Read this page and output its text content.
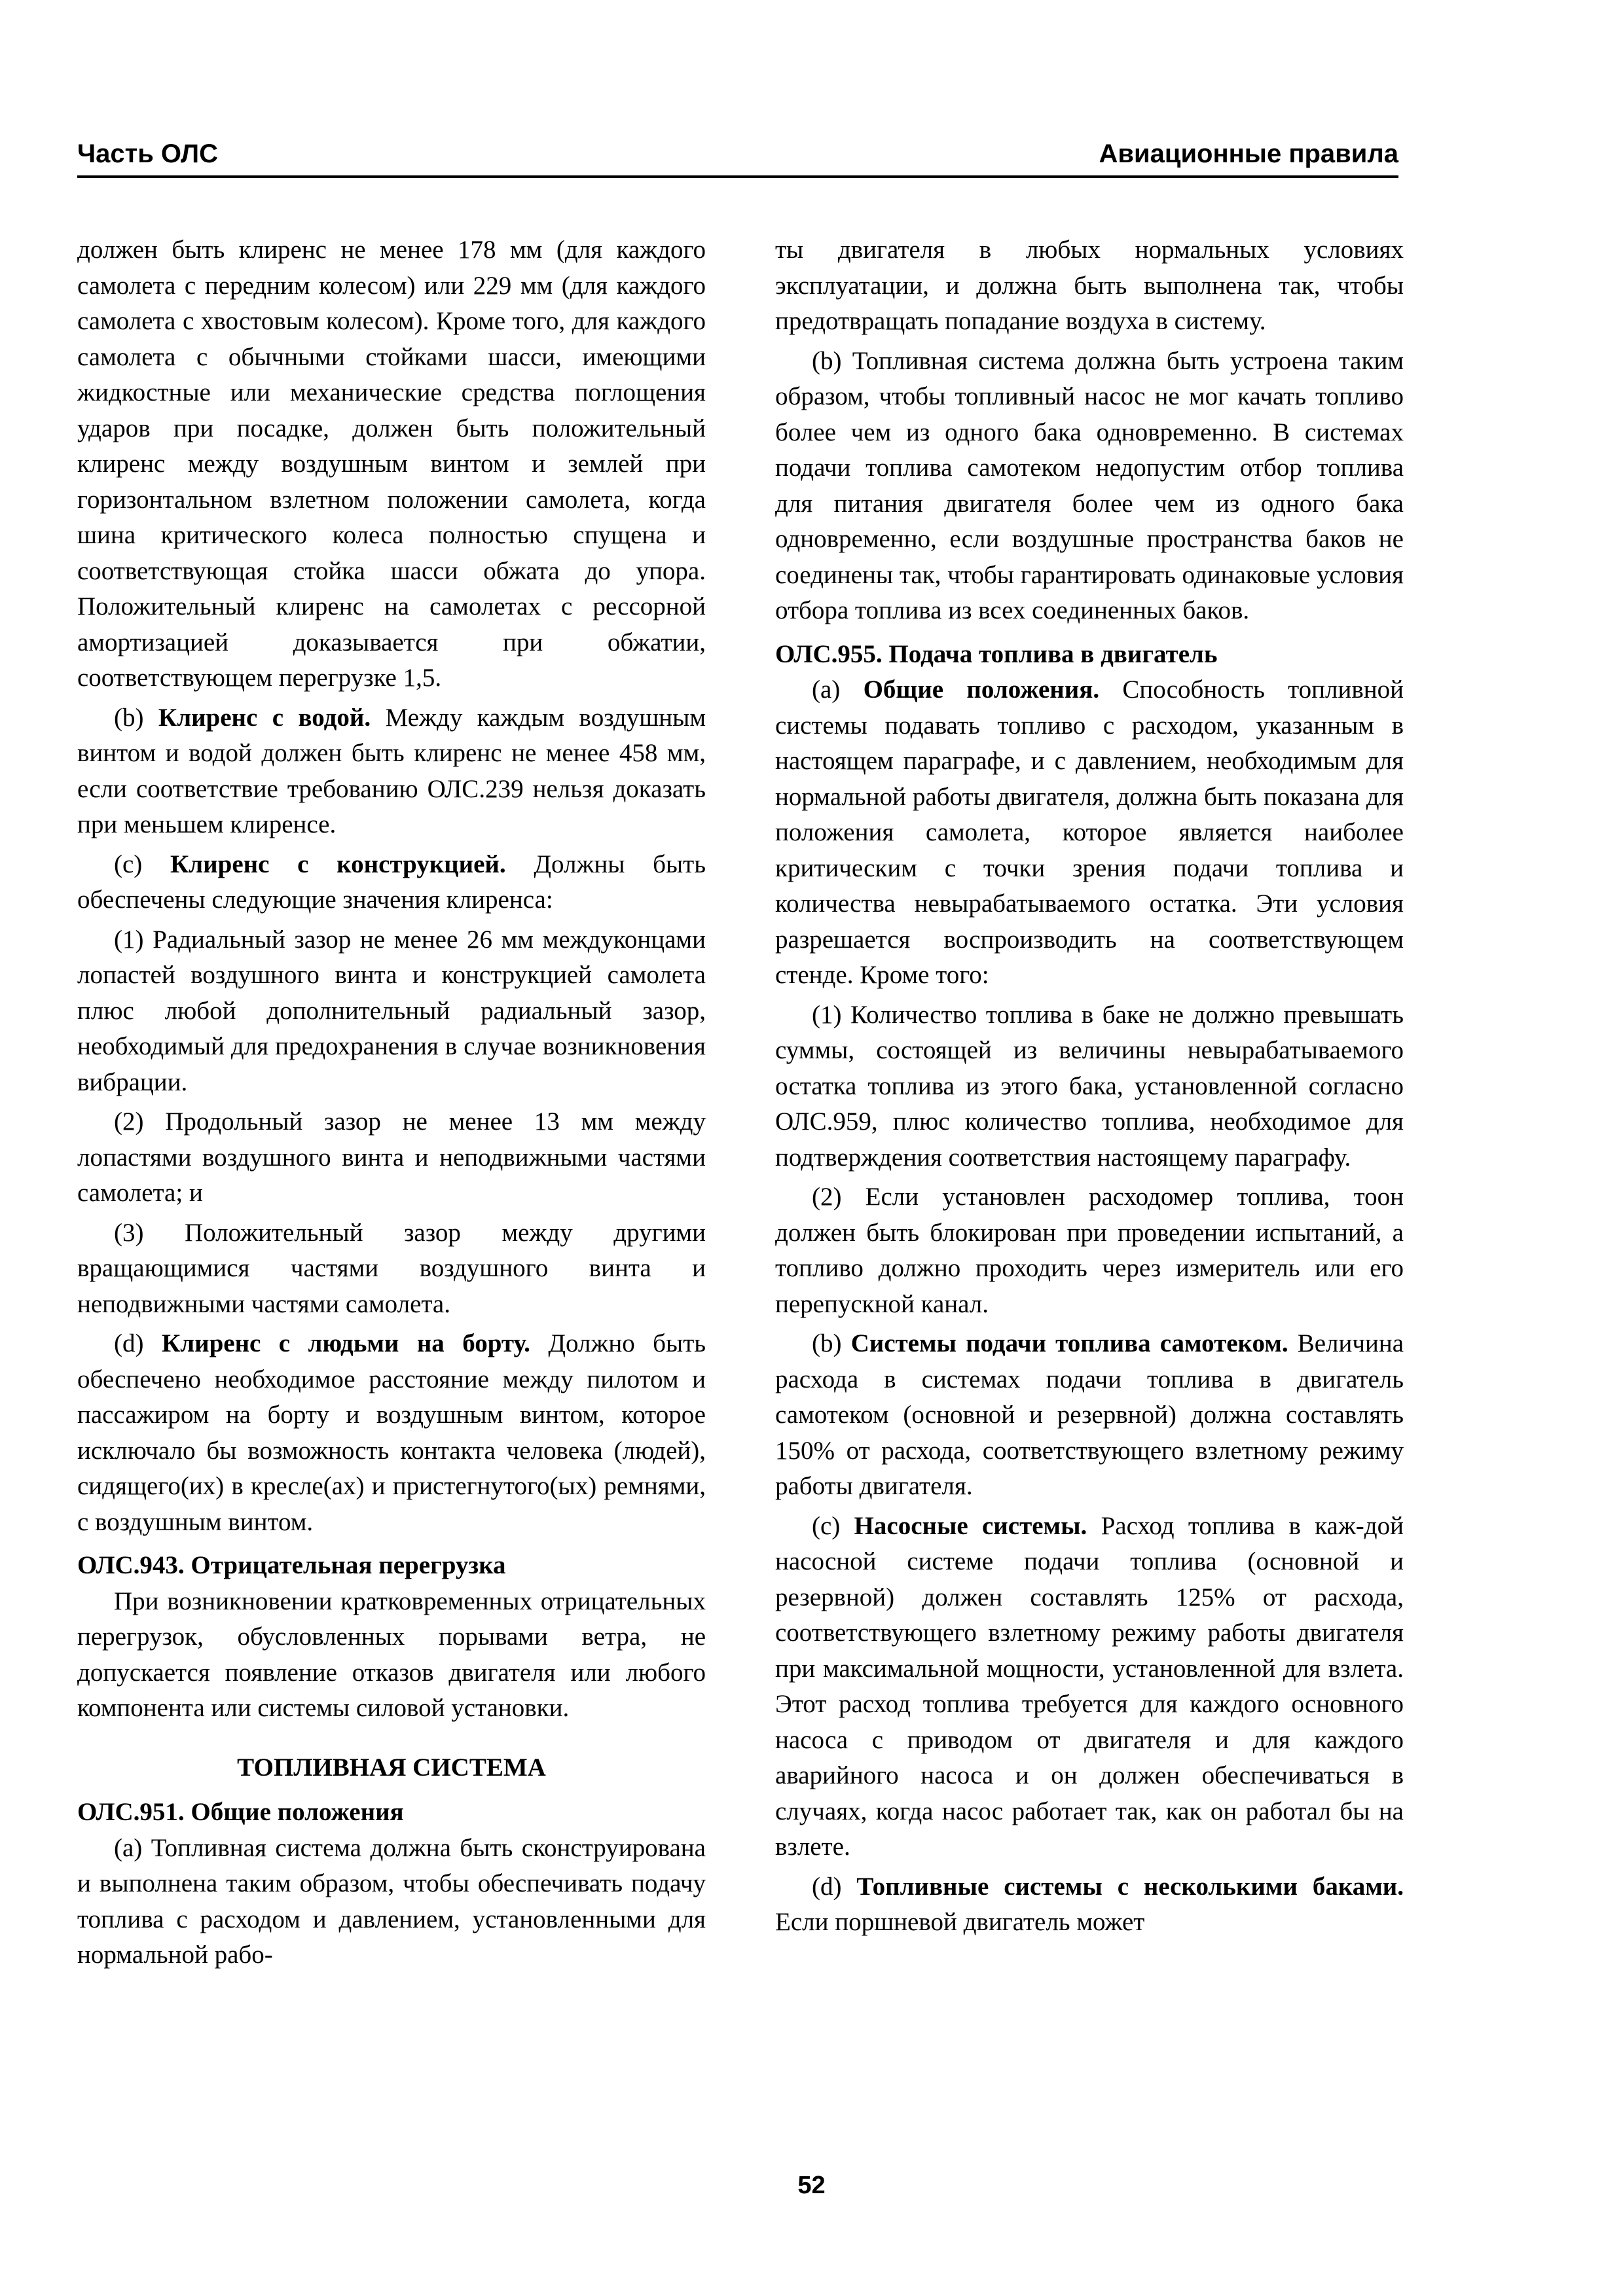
Часть ОЛС	Авиационные правила

должен быть клиренс не менее 178 мм (для каждого самолета с передним колесом) или 229 мм (для каждого самолета с хвостовым колесом). Кроме того, для каждого самолета с обычными стойками шасси, имеющими жидкостные или механические средства поглощения ударов при посадке, должен быть положительный клиренс между воздушным винтом и землей при горизонтальном взлетном положении самолета, когда шина критического колеса полностью спущена и соответствующая стойка шасси обжата до упора. Положительный клиренс на самолетах с рессорной амортизацией доказывается при обжатии, соответствующем перегрузке 1,5.

(b) Клиренс с водой. Между каждым воздушным винтом и водой должен быть клиренс не менее 458 мм, если соответствие требованию ОЛС.239 нельзя доказать при меньшем клиренсе.

(c) Клиренс с конструкцией. Должны быть обеспечены следующие значения клиренса:

(1) Радиальный зазор не менее 26 мм междуконцами лопастей воздушного винта и конструкцией самолета плюс любой дополнительный радиальный зазор, необходимый для предохранения в случае возникновения вибрации.

(2) Продольный зазор не менее 13 мм между лопастями воздушного винта и неподвижными частями самолета; и

(3) Положительный зазор между другими вращающимися частями воздушного винта и неподвижными частями самолета.

(d) Клиренс с людьми на борту. Должно быть обеспечено необходимое расстояние между пилотом и пассажиром на борту и воздушным винтом, которое исключало бы возможность контакта человека (людей), сидящего(их) в кресле(ах) и пристегнутого(ых) ремнями, с воздушным винтом.

ОЛС.943. Отрицательная перегрузка

При возникновении кратковременных отрицательных перегрузок, обусловленных порывами ветра, не допускается появление отказов двигателя или любого компонента или системы силовой установки.

ТОПЛИВНАЯ СИСТЕМА
ОЛС.951. Общие положения

(a) Топливная система должна быть сконструирована и выполнена таким образом, чтобы обеспечивать подачу топлива с расходом и давлением, установленными для нормальной рабо-

ты двигателя в любых нормальных условиях эксплуатации, и должна быть выполнена так, чтобы предотвращать попадание воздуха в систему.

(b) Топливная система должна быть устроена таким образом, чтобы топливный насос не мог качать топливо более чем из одного бака одновременно. В системах подачи топлива самотеком недопустим отбор топлива для питания двигателя более чем из одного бака одновременно, если воздушные пространства баков не соединены так, чтобы гарантировать одинаковые условия отбора топлива из всех соединенных баков.

ОЛС.955. Подача топлива в двигатель

(a) Общие положения. Способность топливной системы подавать топливо с расходом, указанным в настоящем параграфе, и с давлением, необходимым для нормальной работы двигателя, должна быть показана для положения самолета, которое является наиболее критическим с точки зрения подачи топлива и количества невырабатываемого остатка. Эти условия разрешается воспроизводить на соответствующем стенде. Кроме того:

(1) Количество топлива в баке не должно превышать суммы, состоящей из величины невырабатываемого остатка топлива из этого бака, установленной согласно ОЛС.959, плюс количество топлива, необходимое для подтверждения соответствия настоящему параграфу.

(2) Если установлен расходомер топлива, тоон должен быть блокирован при проведении испытаний, а топливо должно проходить через измеритель или его перепускной канал.

(b) Системы подачи топлива самотеком. Величина расхода в системах подачи топлива в двигатель самотеком (основной и резервной) должна составлять 150% от расхода, соответствующего взлетному режиму работы двигателя.

(c) Насосные системы. Расход топлива в каж-дой насосной системе подачи топлива (основной и резервной) должен составлять 125% от расхода, соответствующего взлетному режиму работы двигателя при максимальной мощности, установленной для взлета. Этот расход топлива требуется для каждого основного насоса с приводом от двигателя и для каждого аварийного насоса и он должен обеспечиваться в случаях, когда насос работает так, как он работал бы на взлете.

(d) Топливные системы с несколькими баками. Если поршневой двигатель может

52
